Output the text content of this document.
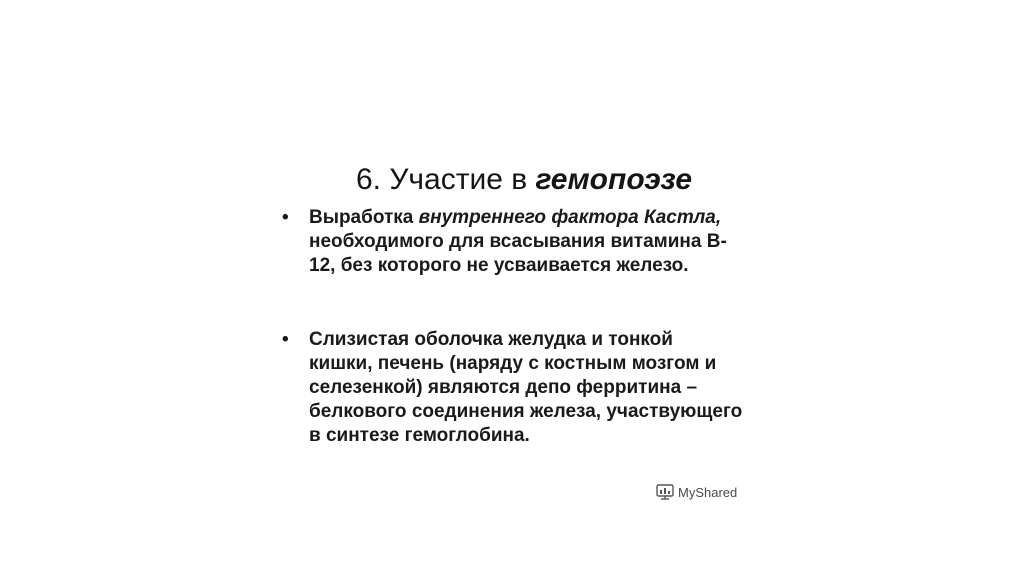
6. Участие в гемопоэзе
• Выработка внутреннего фактора Кастла,
необходимого для всасывания витамина В-
12, без которого не усваивается железо.
• Слизистая оболочка желудка и тонкой
кишки, печень (наряду с костным мозгом и
селезенкой) являются депо ферритина –
белкового соединения железа, участвующего
в синтезе гемоглобина.
MyShared
